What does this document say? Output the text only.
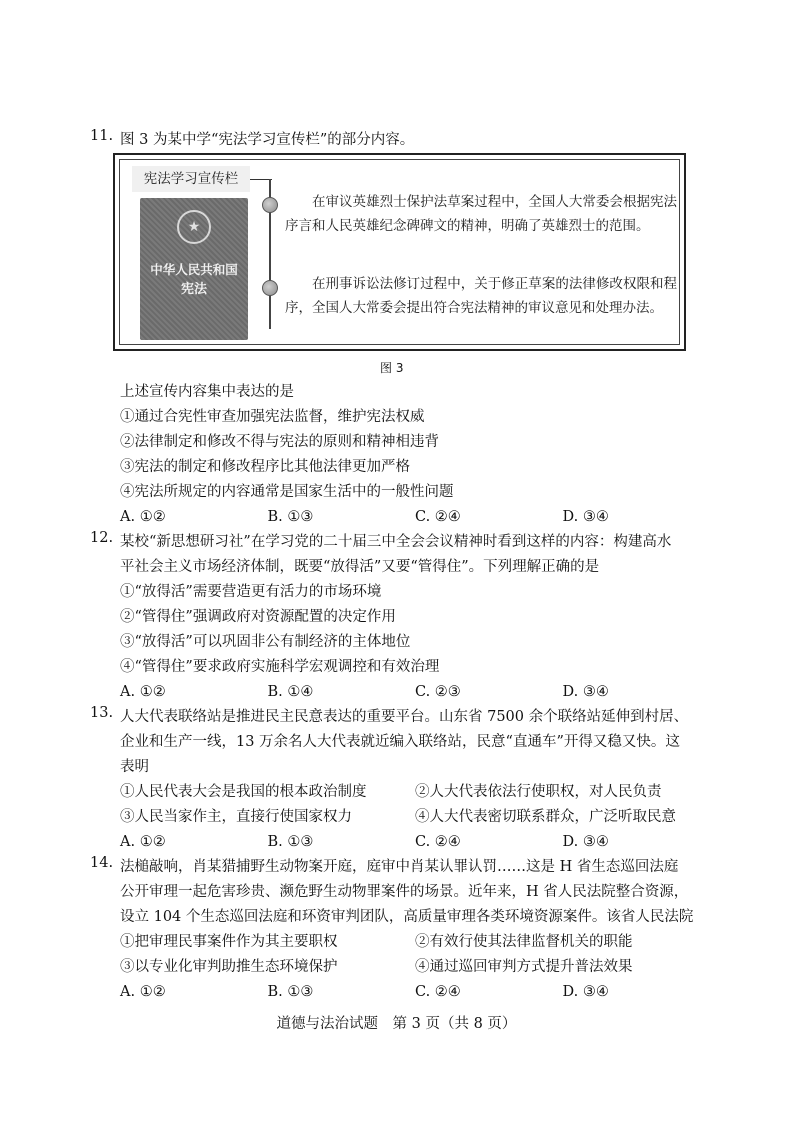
11. 图 3 为某中学“宪法学习宣传栏”的部分内容。
宪法学习宣传栏
★
中华人民共和国
宪法
在审议英雄烈士保护法草案过程中，全国人大常委会根据宪法序言和人民英雄纪念碑碑文的精神，明确了英雄烈士的范围。
在刑事诉讼法修订过程中，关于修正草案的法律修改权限和程序，全国人大常委会提出符合宪法精神的审议意见和处理办法。
图 3
上述宣传内容集中表达的是
①通过合宪性审查加强宪法监督，维护宪法权威
②法律制定和修改不得与宪法的原则和精神相违背
③宪法的制定和修改程序比其他法律更加严格
④宪法所规定的内容通常是国家生活中的一般性问题
A. ①②	B. ①③	C. ②④	D. ③④
12. 某校“新思想研习社”在学习党的二十届三中全会会议精神时看到这样的内容：构建高水
平社会主义市场经济体制，既要“放得活”又要“管得住”。下列理解正确的是
①“放得活”需要营造更有活力的市场环境
②“管得住”强调政府对资源配置的决定作用
③“放得活”可以巩固非公有制经济的主体地位
④“管得住”要求政府实施科学宏观调控和有效治理
A. ①②	B. ①④	C. ②③	D. ③④
13. 人大代表联络站是推进民主民意表达的重要平台。山东省 7500 余个联络站延伸到村居、
企业和生产一线，13 万余名人大代表就近编入联络站，民意“直通车”开得又稳又快。这
表明
①人民代表大会是我国的根本政治制度	②人大代表依法行使职权，对人民负责
③人民当家作主，直接行使国家权力	④人大代表密切联系群众，广泛听取民意
A. ①②	B. ①③	C. ②④	D. ③④
14. 法槌敲响，肖某猎捕野生动物案开庭，庭审中肖某认罪认罚……这是 H 省生态巡回法庭
公开审理一起危害珍贵、濒危野生动物罪案件的场景。近年来，H 省人民法院整合资源，
设立 104 个生态巡回法庭和环资审判团队，高质量审理各类环境资源案件。该省人民法院
①把审理民事案件作为其主要职权	②有效行使其法律监督机关的职能
③以专业化审判助推生态环境保护	④通过巡回审判方式提升普法效果
A. ①②	B. ①③	C. ②④	D. ③④
道德与法治试题　第 3 页（共 8 页）
